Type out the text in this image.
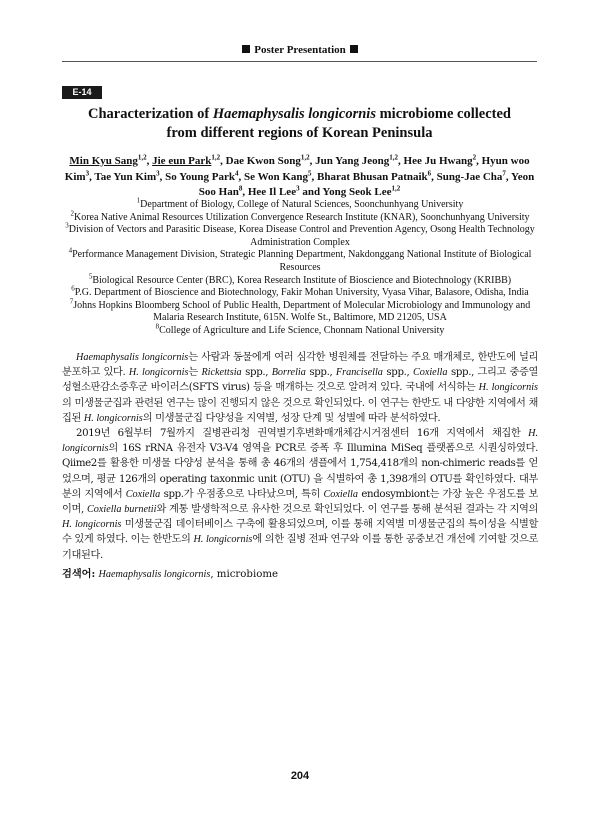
Poster Presentation
E-14
Characterization of Haemaphysalis longicornis microbiome collected
from different regions of Korean Peninsula
Min Kyu Sang$^{1,2}$, Jie eun Park$^{1,2}$, Dae Kwon Song$^{1,2}$, Jun Yang Jeong$^{1,2}$, Hee Ju Hwang$^2$, Hyun woo Kim$^3$, Tae Yun Kim$^3$, So Young Park$^4$, Se Won Kang$^5$, Bharat Bhusan Patnaik$^6$, Sung-Jae Cha$^7$, Yeon Soo Han$^8$, Hee Il Lee$^3$ and Yong Seok Lee$^{1,2}$
$^1$Department of Biology, College of Natural Sciences, Soonchunhyang University
$^2$Korea Native Animal Resources Utilization Convergence Research Institute (KNAR), Soonchunhyang University
$^3$Division of Vectors and Parasitic Disease, Korea Disease Control and Prevention Agency, Osong Health Technology Administration Complex
$^4$Performance Management Division, Strategic Planning Department, Nakdonggang National Institute of Biological Resources
$^5$Biological Resource Center (BRC), Korea Research Institute of Bioscience and Biotechnology (KRIBB)
$^6$P.G. Department of Bioscience and Biotechnology, Fakir Mohan University, Vyasa Vihar, Balasore, Odisha, India
$^7$Johns Hopkins Bloomberg School of Public Health, Department of Molecular Microbiology and Immunology and Malaria Research Institute, 615N. Wolfe St., Baltimore, MD 21205, USA
$^8$College of Agriculture and Life Science, Chonnam National University

Haemaphysalis longicornis는 사람과 동물에게 여러 심각한 병원체를 전달하는 주요 매개체로, 한반도에 널리 분포하고 있다. H. longicornis는 Rickettsia spp., Borrelia spp., Francisella spp., Coxiella spp., 그리고 중증열성혈소판감소증후군 바이러스(SFTS virus) 등을 매개하는 것으로 알려져 있다. 국내에 서식하는 H. longicornis의 미생물군집과 관련된 연구는 많이 진행되지 않은 것으로 확인되었다. 이 연구는 한반도 내 다양한 지역에서 채집된 H. longicornis의 미생물군집 다양성을 지역별, 성장 단계 및 성별에 따라 분석하였다.

2019년 6월부터 7월까지 질병관리청 권역별기후변화매개체감시거점센터 16개 지역에서 채집한 H. longicornis의 16S rRNA 유전자 V3-V4 영역을 PCR로 증폭 후 Illumina MiSeq 플랫폼으로 시퀀싱하였다. Qiime2를 활용한 미생물 다양성 분석을 통해 총 46개의 샘플에서 1,754,418개의 non-chimeric reads를 얻었으며, 평균 126개의 operating taxonmic unit (OTU) 을 식별하여 총 1,398개의 OTU를 확인하였다. 대부분의 지역에서 Coxiella spp.가 우점종으로 나타났으며, 특히 Coxiella endosymbiont는 가장 높은 우점도를 보이며, Coxiella burnetii와 계통 발생학적으로 유사한 것으로 확인되었다. 이 연구를 통해 분석된 결과는 각 지역의 H. longicornis 미생물군집 데이터베이스 구축에 활용되었으며, 이를 통해 지역별 미생물군집의 특이성을 식별할 수 있게 하였다. 이는 한반도의 H. longicornis에 의한 질병 전파 연구와 이를 통한 공중보건 개선에 기여할 것으로 기대된다.

검색어: Haemaphysalis longicornis, microbiome
204
